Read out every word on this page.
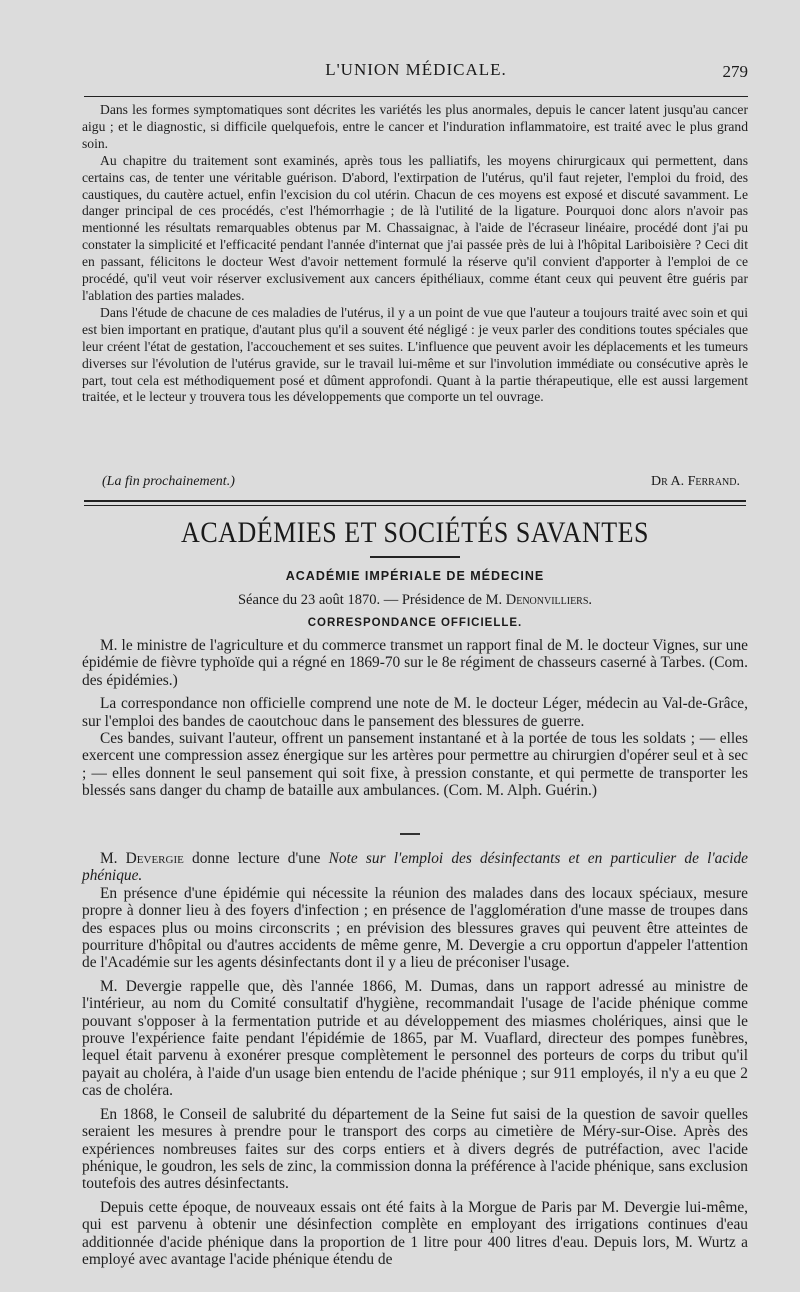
L'UNION MÉDICALE.	279

Dans les formes symptomatiques sont décrites les variétés les plus anormales, depuis le cancer latent jusqu'au cancer aigu ; et le diagnostic, si difficile quelquefois, entre le cancer et l'induration inflammatoire, est traité avec le plus grand soin.

Au chapitre du traitement sont examinés, après tous les palliatifs, les moyens chirurgicaux qui permettent, dans certains cas, de tenter une véritable guérison. D'abord, l'extirpation de l'utérus, qu'il faut rejeter, l'emploi du froid, des caustiques, du cautère actuel, enfin l'excision du col utérin. Chacun de ces moyens est exposé et discuté savamment. Le danger principal de ces procédés, c'est l'hémorrhagie ; de là l'utilité de la ligature. Pourquoi donc alors n'avoir pas mentionné les résultats remarquables obtenus par M. Chassaignac, à l'aide de l'écraseur linéaire, procédé dont j'ai pu constater la simplicité et l'efficacité pendant l'année d'internat que j'ai passée près de lui à l'hôpital Lariboisière ? Ceci dit en passant, félicitons le docteur West d'avoir nettement formulé la réserve qu'il convient d'apporter à l'emploi de ce procédé, qu'il veut voir réserver exclusivement aux cancers épithéliaux, comme étant ceux qui peuvent être guéris par l'ablation des parties malades.

Dans l'étude de chacune de ces maladies de l'utérus, il y a un point de vue que l'auteur a toujours traité avec soin et qui est bien important en pratique, d'autant plus qu'il a souvent été négligé : je veux parler des conditions toutes spéciales que leur créent l'état de gestation, l'accouchement et ses suites. L'influence que peuvent avoir les déplacements et les tumeurs diverses sur l'évolution de l'utérus gravide, sur le travail lui-même et sur l'involution immédiate ou consécutive après le part, tout cela est méthodiquement posé et dûment approfondi. Quant à la partie thérapeutique, elle est aussi largement traitée, et le lecteur y trouvera tous les développements que comporte un tel ouvrage.

(La fin prochainement.)	Dr A. Ferrand.
ACADÉMIES ET SOCIÉTÉS SAVANTES
ACADÉMIE IMPÉRIALE DE MÉDECINE
Séance du 23 août 1870. — Présidence de M. Denonvilliers.
CORRESPONDANCE OFFICIELLE.

M. le ministre de l'agriculture et du commerce transmet un rapport final de M. le docteur Vignes, sur une épidémie de fièvre typhoïde qui a régné en 1869-70 sur le 8e régiment de chasseurs caserné à Tarbes. (Com. des épidémies.)

La correspondance non officielle comprend une note de M. le docteur Léger, médecin au Val-de-Grâce, sur l'emploi des bandes de caoutchouc dans le pansement des blessures de guerre.

Ces bandes, suivant l'auteur, offrent un pansement instantané et à la portée de tous les soldats ; — elles exercent une compression assez énergique sur les artères pour permettre au chirurgien d'opérer seul et à sec ; — elles donnent le seul pansement qui soit fixe, à pression constante, et qui permette de transporter les blessés sans danger du champ de bataille aux ambulances. (Com. M. Alph. Guérin.)

M. Devergie donne lecture d'une Note sur l'emploi des désinfectants et en particulier de l'acide phénique.

En présence d'une épidémie qui nécessite la réunion des malades dans des locaux spéciaux, mesure propre à donner lieu à des foyers d'infection ; en présence de l'agglomération d'une masse de troupes dans des espaces plus ou moins circonscrits ; en prévision des blessures graves qui peuvent être atteintes de pourriture d'hôpital ou d'autres accidents de même genre, M. Devergie a cru opportun d'appeler l'attention de l'Académie sur les agents désinfectants dont il y a lieu de préconiser l'usage.

M. Devergie rappelle que, dès l'année 1866, M. Dumas, dans un rapport adressé au ministre de l'intérieur, au nom du Comité consultatif d'hygiène, recommandait l'usage de l'acide phénique comme pouvant s'opposer à la fermentation putride et au développement des miasmes cholériques, ainsi que le prouve l'expérience faite pendant l'épidémie de 1865, par M. Vuaflard, directeur des pompes funèbres, lequel était parvenu à exonérer presque complètement le personnel des porteurs de corps du tribut qu'il payait au choléra, à l'aide d'un usage bien entendu de l'acide phénique ; sur 911 employés, il n'y a eu que 2 cas de choléra.

En 1868, le Conseil de salubrité du département de la Seine fut saisi de la question de savoir quelles seraient les mesures à prendre pour le transport des corps au cimetière de Méry-sur-Oise. Après des expériences nombreuses faites sur des corps entiers et à divers degrés de putréfaction, avec l'acide phénique, le goudron, les sels de zinc, la commission donna la préférence à l'acide phénique, sans exclusion toutefois des autres désinfectants.

Depuis cette époque, de nouveaux essais ont été faits à la Morgue de Paris par M. Devergie lui-même, qui est parvenu à obtenir une désinfection complète en employant des irrigations continues d'eau additionnée d'acide phénique dans la proportion de 1 litre pour 400 litres d'eau. Depuis lors, M. Wurtz a employé avec avantage l'acide phénique étendu de
